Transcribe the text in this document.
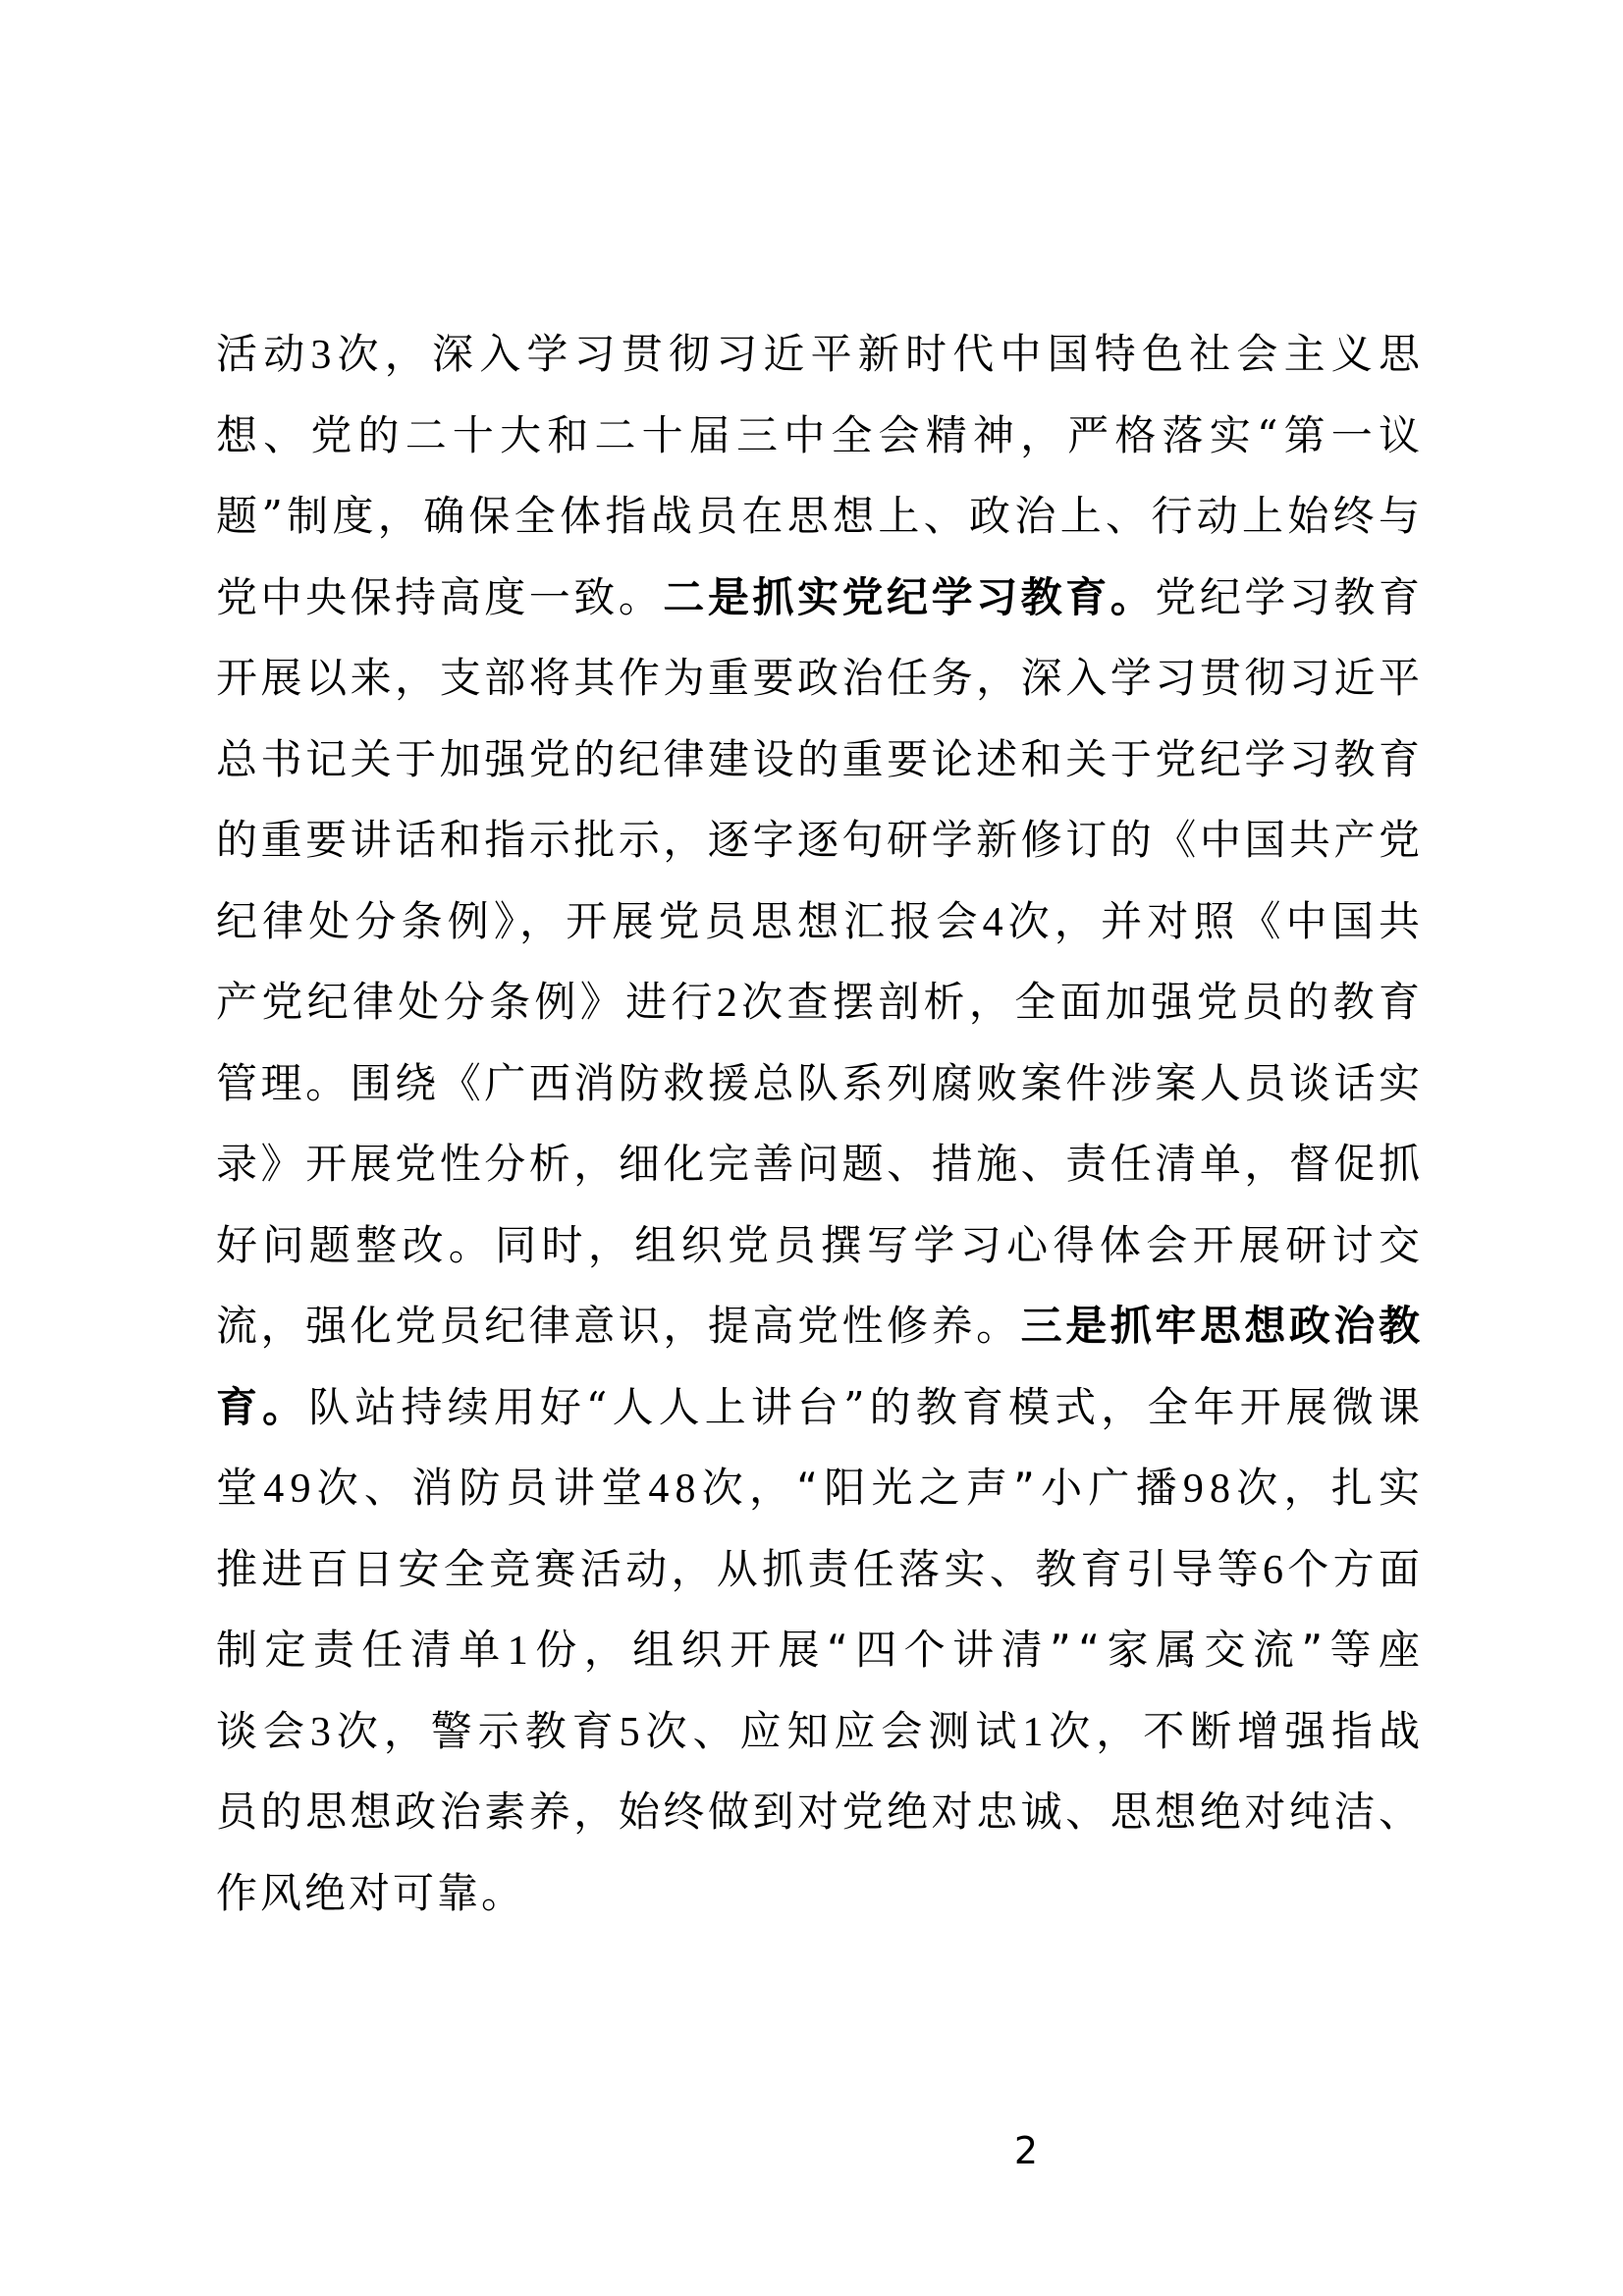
活动3次，深入学习贯彻习近平新时代中国特色社会主义思
想、党的二十大和二十届三中全会精神，严格落实“第一议
题”制度，确保全体指战员在思想上、政治上、行动上始终与
党中央保持高度一致。二是抓实党纪学习教育。党纪学习教育
开展以来，支部将其作为重要政治任务，深入学习贯彻习近平
总书记关于加强党的纪律建设的重要论述和关于党纪学习教育
的重要讲话和指示批示，逐字逐句研学新修订的《中国共产党
纪律处分条例》，开展党员思想汇报会4次，并对照《中国共
产党纪律处分条例》进行2次查摆剖析，全面加强党员的教育
管理。围绕《广西消防救援总队系列腐败案件涉案人员谈话实
录》开展党性分析，细化完善问题、措施、责任清单，督促抓
好问题整改。同时，组织党员撰写学习心得体会开展研讨交
流，强化党员纪律意识，提高党性修养。三是抓牢思想政治教
育。队站持续用好“人人上讲台”的教育模式，全年开展微课
堂49次、消防员讲堂48次，“阳光之声”小广播98次，扎实
推进百日安全竞赛活动，从抓责任落实、教育引导等6个方面
制定责任清单1份，组织开展“四个讲清”“家属交流”等座
谈会3次，警示教育5次、应知应会测试1次，不断增强指战
员的思想政治素养，始终做到对党绝对忠诚、思想绝对纯洁、
作风绝对可靠。
2
